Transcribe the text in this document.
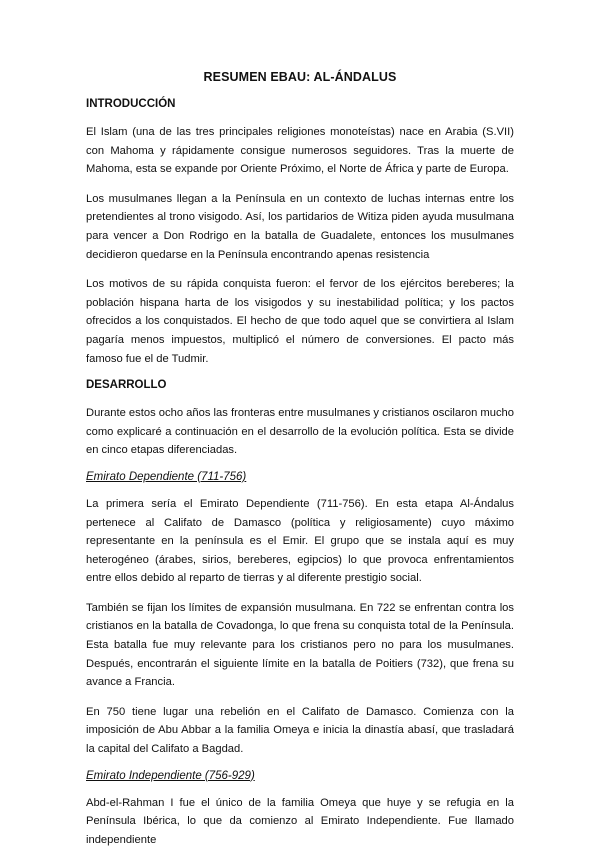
RESUMEN EBAU: AL-ÁNDALUS
INTRODUCCIÓN

El Islam (una de las tres principales religiones monoteístas) nace en Arabia (S.VII) con Mahoma y rápidamente consigue numerosos seguidores. Tras la muerte de Mahoma, esta se expande por Oriente Próximo, el Norte de África y parte de Europa.

Los musulmanes llegan a la Península en un contexto de luchas internas entre los pretendientes al trono visigodo. Así, los partidarios de Witiza piden ayuda musulmana para vencer a Don Rodrigo en la batalla de Guadalete, entonces los musulmanes decidieron quedarse en la Península encontrando apenas resistencia

Los motivos de su rápida conquista fueron: el fervor de los ejércitos bereberes; la población hispana harta de los visigodos y su inestabilidad política; y los pactos ofrecidos a los conquistados. El hecho de que todo aquel que se convirtiera al Islam pagaría menos impuestos, multiplicó el número de conversiones. El pacto más famoso fue el de Tudmir.

DESARROLLO

Durante estos ocho años las fronteras entre musulmanes y cristianos oscilaron mucho como explicaré a continuación en el desarrollo de la evolución política. Esta se divide en cinco etapas diferenciadas.

Emirato Dependiente (711-756)

La primera sería el Emirato Dependiente (711-756). En esta etapa Al-Ándalus pertenece al Califato de Damasco (política y religiosamente) cuyo máximo representante en la península es el Emir. El grupo que se instala aquí es muy heterogéneo (árabes, sirios, bereberes, egipcios) lo que provoca enfrentamientos entre ellos debido al reparto de tierras y al diferente prestigio social.

También se fijan los límites de expansión musulmana. En 722 se enfrentan contra los cristianos en la batalla de Covadonga, lo que frena su conquista total de la Península. Esta batalla fue muy relevante para los cristianos pero no para los musulmanes. Después, encontrarán el siguiente límite en la batalla de Poitiers (732), que frena su avance a Francia.

En 750 tiene lugar una rebelión en el Califato de Damasco. Comienza con la imposición de Abu Abbar a la familia Omeya e inicia la dinastía abasí, que trasladará la capital del Califato a Bagdad.

Emirato Independiente (756-929)

Abd-el-Rahman I fue el único de la familia Omeya que huye y se refugia en la Península Ibérica, lo que da comienzo al Emirato Independiente. Fue llamado independiente
